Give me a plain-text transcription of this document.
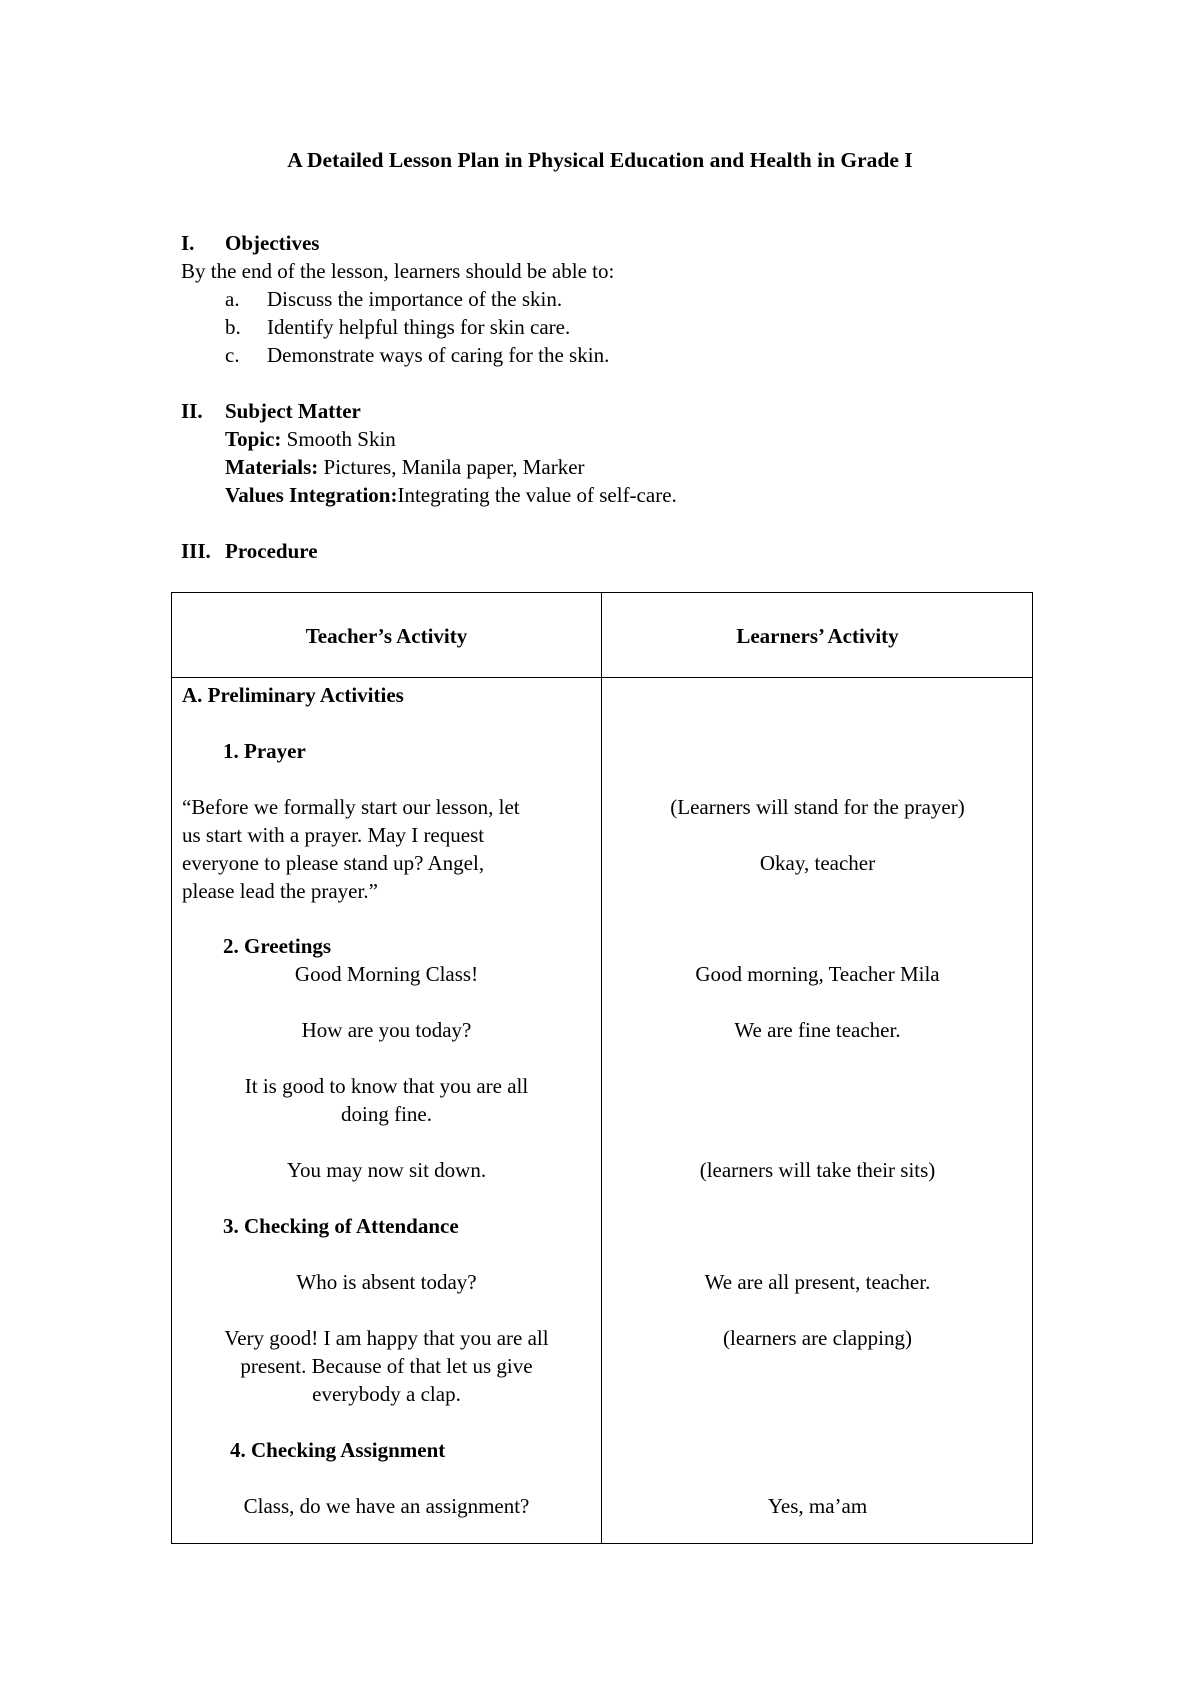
A Detailed Lesson Plan in Physical Education and Health in Grade I
I. Objectives
By the end of the lesson, learners should be able to:
a. Discuss the importance of the skin.
b. Identify helpful things for skin care.
c. Demonstrate ways of caring for the skin.
II. Subject Matter
Topic: Smooth Skin
Materials: Pictures, Manila paper, Marker
Values Integration:Integrating the value of self-care.
III. Procedure
Teacher’s Activity	Learners’ Activity
A. Preliminary Activities
1. Prayer
“Before we formally start our lesson, let
us start with a prayer. May I request
everyone to please stand up? Angel,
please lead the prayer.”
2. Greetings
Good Morning Class!
How are you today?
It is good to know that you are all
doing fine.
You may now sit down.
3. Checking of Attendance
Who is absent today?
Very good! I am happy that you are all
present. Because of that let us give
everybody a clap.
4. Checking Assignment
Class, do we have an assignment?
(Learners will stand for the prayer)
Okay, teacher
Good morning, Teacher Mila
We are fine teacher.
(learners will take their sits)
We are all present, teacher.
(learners are clapping)
Yes, ma’am
